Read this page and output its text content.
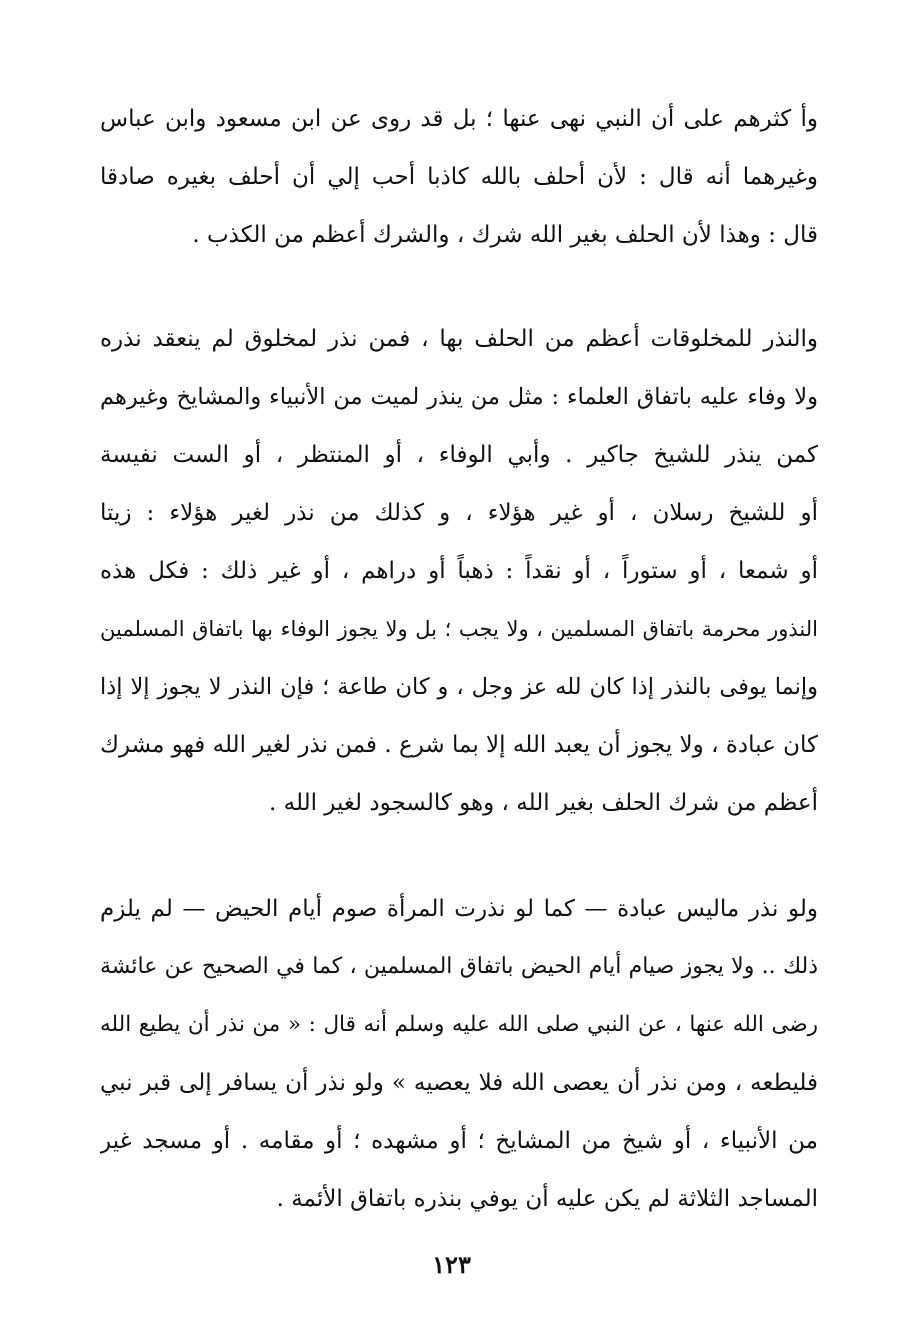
وأ كثرهم على أن النبي نهى عنها ؛ بل قد روى عن ابن مسعود وابن عباس
وغيرهما أنه قال : لأن أحلف بالله كاذبا أحب إلي أن أحلف بغيره صادقا
قال : وهذا لأن الحلف بغير الله شرك ، والشرك أعظم من الكذب .
والنذر للمخلوقات أعظم من الحلف بها ، فمن نذر لمخلوق لم ينعقد نذره
ولا وفاء عليه باتفاق العلماء : مثل من ينذر لميت من الأنبياء والمشايخ وغيرهم
كمن ينذر للشيخ جاكير . وأبي الوفاء ، أو المنتظر ، أو الست نفيسة
أو للشيخ رسلان ، أو غير هؤلاء ، و كذلك من نذر لغير هؤلاء : زيتا
أو شمعا ، أو ستوراً ، أو نقداً : ذهباً أو دراهم ، أو غير ذلك : فكل هذه
النذور محرمة باتفاق المسلمين ، ولا يجب ؛ بل ولا يجوز الوفاء بها باتفاق المسلمين
وإنما يوفى بالنذر إذا كان لله عز وجل ، و كان طاعة ؛ فإن النذر لا يجوز إلا إذا
كان عبادة ، ولا يجوز أن يعبد الله إلا بما شرع . فمن نذر لغير الله فهو مشرك
أعظم من شرك الحلف بغير الله ، وهو كالسجود لغير الله .
ولو نذر ماليس عبادة — كما لو نذرت المرأة صوم أيام الحيض — لم يلزم
ذلك .. ولا يجوز صيام أيام الحيض باتفاق المسلمين ، كما في الصحيح عن عائشة
رضى الله عنها ، عن النبي صلى الله عليه وسلم أنه قال : « من نذر أن يطيع الله
فليطعه ، ومن نذر أن يعصى الله فلا يعصيه » ولو نذر أن يسافر إلى قبر نبي
من الأنبياء ، أو شيخ من المشايخ ؛ أو مشهده ؛ أو مقامه . أو مسجد غير
المساجد الثلاثة لم يكن عليه أن يوفي بنذره باتفاق الأئمة .
١٢٣
